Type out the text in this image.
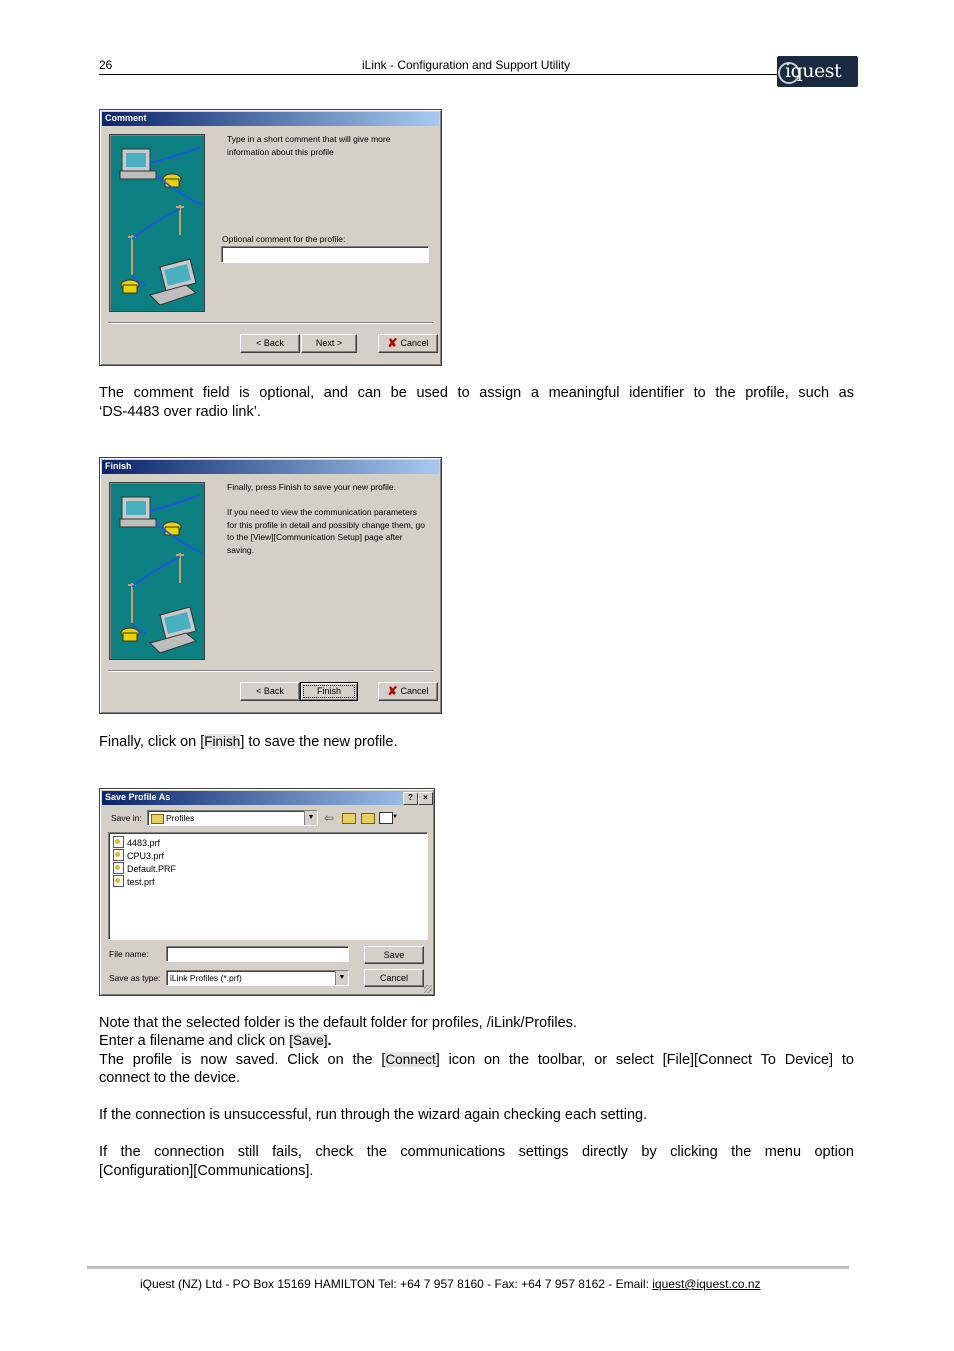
26	iLink - Configuration and Support Utility	iquest
Comment
Type in a short comment that will give more information about this profile
Optional comment for the profile:
< Back	Next >	✘ Cancel
The comment field is optional, and can be used to assign a meaningful identifier to the profile, such as
‘DS-4483 over radio link’.
Finish
Finally, press Finish to save your new profile.
If you need to view the communication parameters for this profile in detail and possibly change them, go to the [View][Communication Setup] page after saving.
< Back	Finish	✘ Cancel
Finally, click on [Finish] to save the new profile.
Save Profile As	?	×
Save in:	Profiles	▼ ⇦	▼
4483.prf
CPU3.prf
Default.PRF
test.prf
File name:	Save
Save as type: iLink Profiles (*.prf)	▼	Cancel
Note that the selected folder is the default folder for profiles, /iLink/Profiles.
Enter a filename and click on [Save].
The profile is now saved. Click on the [Connect] icon on the toolbar, or select [File][Connect To Device] to
connect to the device.
If the connection is unsuccessful, run through the wizard again checking each setting.
If the connection still fails, check the communications settings directly by clicking the menu option
[Configuration][Communications].
iQuest (NZ) Ltd - PO Box 15169 HAMILTON Tel: +64 7 957 8160 - Fax: +64 7 957 8162 - Email: iquest@iquest.co.nz
